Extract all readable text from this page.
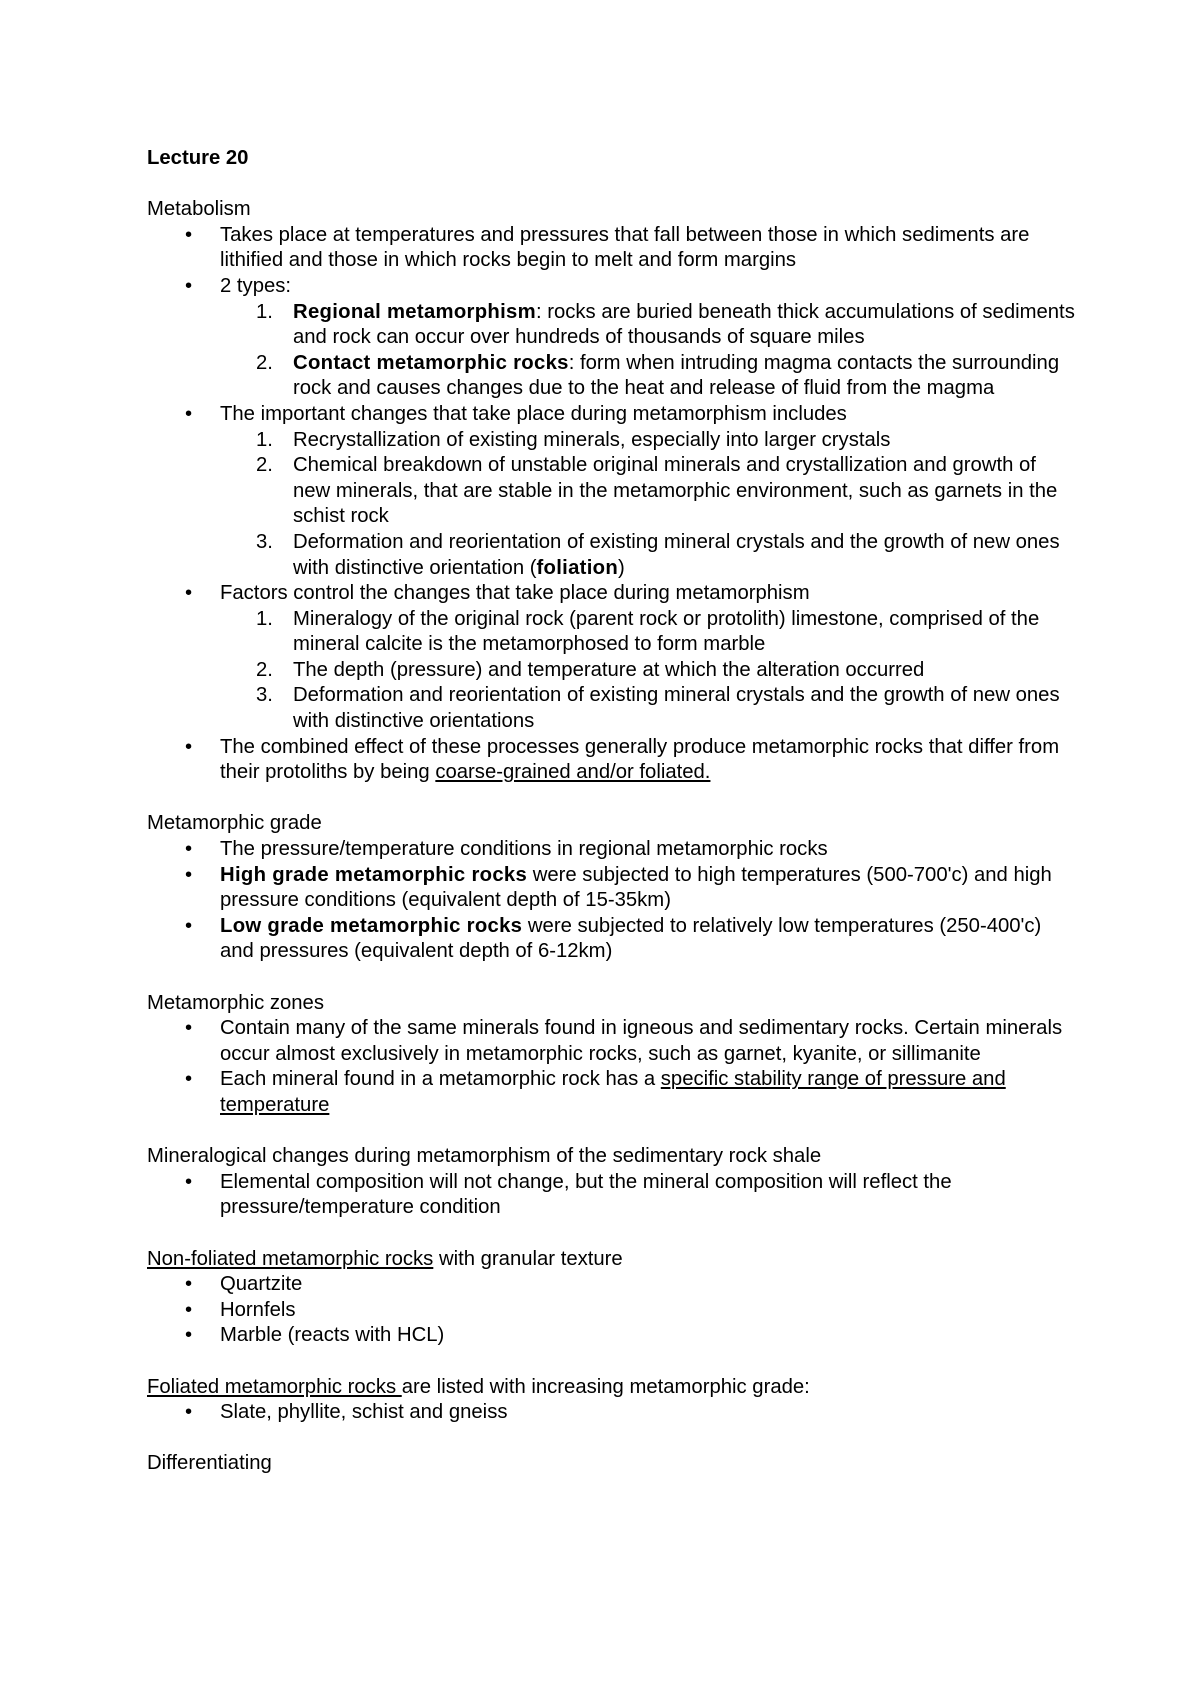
Lecture 20
Metabolism
• Takes place at temperatures and pressures that fall between those in which sediments are lithified and those in which rocks begin to melt and form margins
• 2 types:
1. Regional metamorphism: rocks are buried beneath thick accumulations of sediments and rock can occur over hundreds of thousands of square miles
2. Contact metamorphic rocks: form when intruding magma contacts the surrounding rock and causes changes due to the heat and release of fluid from the magma
• The important changes that take place during metamorphism includes
1. Recrystallization of existing minerals, especially into larger crystals
2. Chemical breakdown of unstable original minerals and crystallization and growth of new minerals, that are stable in the metamorphic environment, such as garnets in the schist rock
3. Deformation and reorientation of existing mineral crystals and the growth of new ones with distinctive orientation (foliation)
• Factors control the changes that take place during metamorphism
1. Mineralogy of the original rock (parent rock or protolith) limestone, comprised of the mineral calcite is the metamorphosed to form marble
2. The depth (pressure) and temperature at which the alteration occurred
3. Deformation and reorientation of existing mineral crystals and the growth of new ones with distinctive orientations
• The combined effect of these processes generally produce metamorphic rocks that differ from their protoliths by being coarse-grained and/or foliated.
Metamorphic grade
• The pressure/temperature conditions in regional metamorphic rocks
• High grade metamorphic rocks were subjected to high temperatures (500-700'c) and high pressure conditions (equivalent depth of 15-35km)
• Low grade metamorphic rocks were subjected to relatively low temperatures (250-400'c) and pressures (equivalent depth of 6-12km)
Metamorphic zones
• Contain many of the same minerals found in igneous and sedimentary rocks. Certain minerals occur almost exclusively in metamorphic rocks, such as garnet, kyanite, or sillimanite
• Each mineral found in a metamorphic rock has a specific stability range of pressure and temperature
Mineralogical changes during metamorphism of the sedimentary rock shale
• Elemental composition will not change, but the mineral composition will reflect the pressure/temperature condition
Non-foliated metamorphic rocks with granular texture
• Quartzite
• Hornfels
• Marble (reacts with HCL)
Foliated metamorphic rocks are listed with increasing metamorphic grade:
• Slate, phyllite, schist and gneiss
Differentiating
